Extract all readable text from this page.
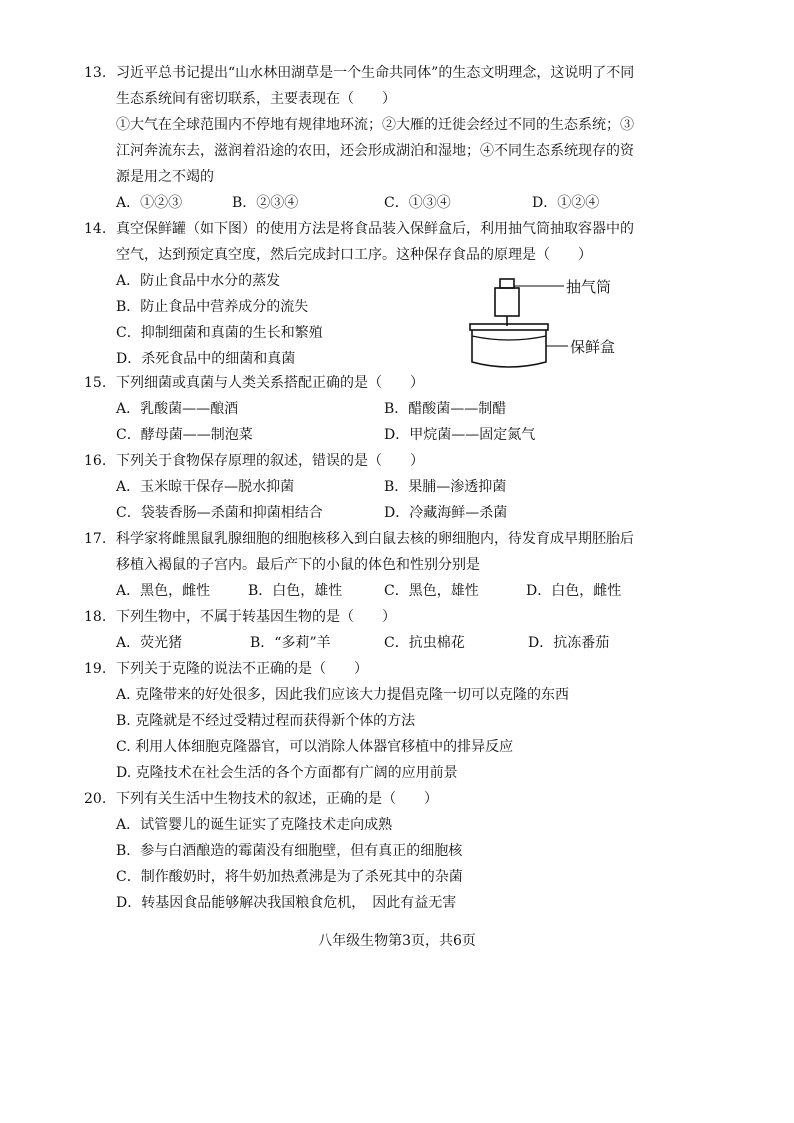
13. 习近平总书记提出“山水林田湖草是一个生命共同体”的生态文明理念，这说明了不同
生态系统间有密切联系，主要表现在（　　）
①大气在全球范围内不停地有规律地环流；②大雁的迁徙会经过不同的生态系统；③
江河奔流东去，滋润着沿途的农田，还会形成湖泊和湿地；④不同生态系统现存的资
源是用之不竭的
A．①②③	B．②③④	C．①③④	D．①②④
14. 真空保鲜罐（如下图）的使用方法是将食品装入保鲜盒后，利用抽气筒抽取容器中的
空气，达到预定真空度，然后完成封口工序。这种保存食品的原理是（　　）
A．防止食品中水分的蒸发
B．防止食品中营养成分的流失
C．抑制细菌和真菌的生长和繁殖
D．杀死食品中的细菌和真菌
抽气筒
保鲜盒
15. 下列细菌或真菌与人类关系搭配正确的是（　　）
A．乳酸菌——酿酒	B．醋酸菌——制醋
C．酵母菌——制泡菜	D．甲烷菌——固定氮气
16. 下列关于食物保存原理的叙述，错误的是（　　）
A．玉米晾干保存—脱水抑菌	B．果脯—渗透抑菌
C．袋装香肠—杀菌和抑菌相结合	D．冷藏海鲜—杀菌
17. 科学家将雌黑鼠乳腺细胞的细胞核移入到白鼠去核的卵细胞内，待发育成早期胚胎后
移植入褐鼠的子宫内。最后产下的小鼠的体色和性别分别是
A．黑色，雌性	B．白色，雄性	C．黑色，雄性	D．白色，雌性
18. 下列生物中，不属于转基因生物的是（　　）
A．荧光猪	B．“多莉”羊	C．抗虫棉花	D．抗冻番茄
19. 下列关于克隆的说法不正确的是（　　）
A. 克隆带来的好处很多，因此我们应该大力提倡克隆一切可以克隆的东西
B. 克隆就是不经过受精过程而获得新个体的方法
C. 利用人体细胞克隆器官，可以消除人体器官移植中的排异反应
D. 克隆技术在社会生活的各个方面都有广阔的应用前景
20. 下列有关生活中生物技术的叙述，正确的是（　　）
A．试管婴儿的诞生证实了克隆技术走向成熟
B．参与白酒酿造的霉菌没有细胞壁，但有真正的细胞核
C．制作酸奶时，将牛奶加热煮沸是为了杀死其中的杂菌
D．转基因食品能够解决我国粮食危机，　因此有益无害
八年级生物第3页，共6页
